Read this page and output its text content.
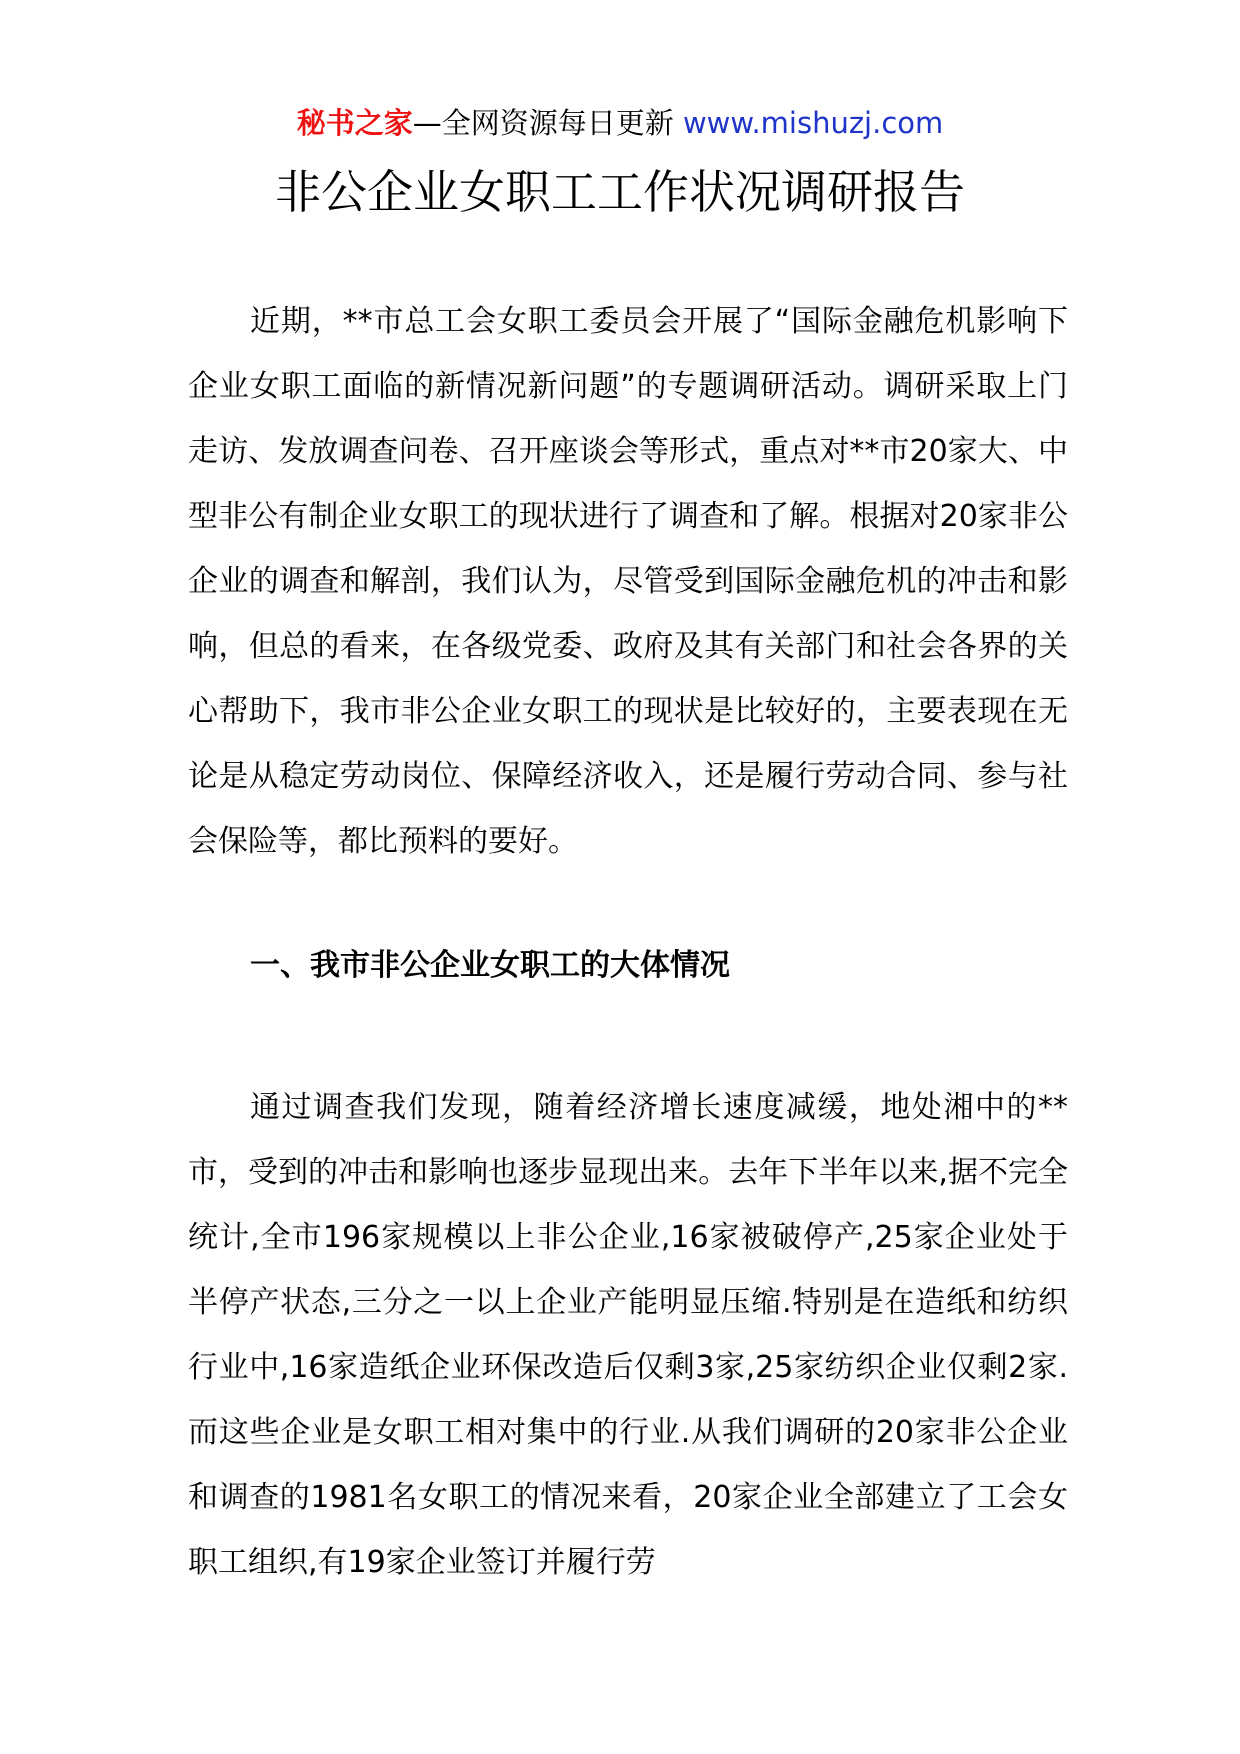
秘书之家—全网资源每日更新 www.mishuzj.com
非公企业女职工工作状况调研报告

近期，**市总工会女职工委员会开展了“国际金融危机影响下企业女职工面临的新情况新问题”的专题调研活动。调研采取上门走访、发放调查问卷、召开座谈会等形式，重点对**市20家大、中型非公有制企业女职工的现状进行了调查和了解。根据对20家非公企业的调查和解剖，我们认为，尽管受到国际金融危机的冲击和影响，但总的看来，在各级党委、政府及其有关部门和社会各界的关心帮助下，我市非公企业女职工的现状是比较好的，主要表现在无论是从稳定劳动岗位、保障经济收入，还是履行劳动合同、参与社会保险等，都比预料的要好。

一、我市非公企业女职工的大体情况

通过调查我们发现，随着经济增长速度减缓，地处湘中的**市，受到的冲击和影响也逐步显现出来。去年下半年以来,据不完全统计,全市196家规模以上非公企业,16家被破停产,25家企业处于半停产状态,三分之一以上企业产能明显压缩.特别是在造纸和纺织行业中,16家造纸企业环保改造后仅剩3家,25家纺织企业仅剩2家.而这些企业是女职工相对集中的行业.从我们调研的20家非公企业和调查的1981名女职工的情况来看，20家企业全部建立了工会女职工组织,有19家企业签订并履行劳
